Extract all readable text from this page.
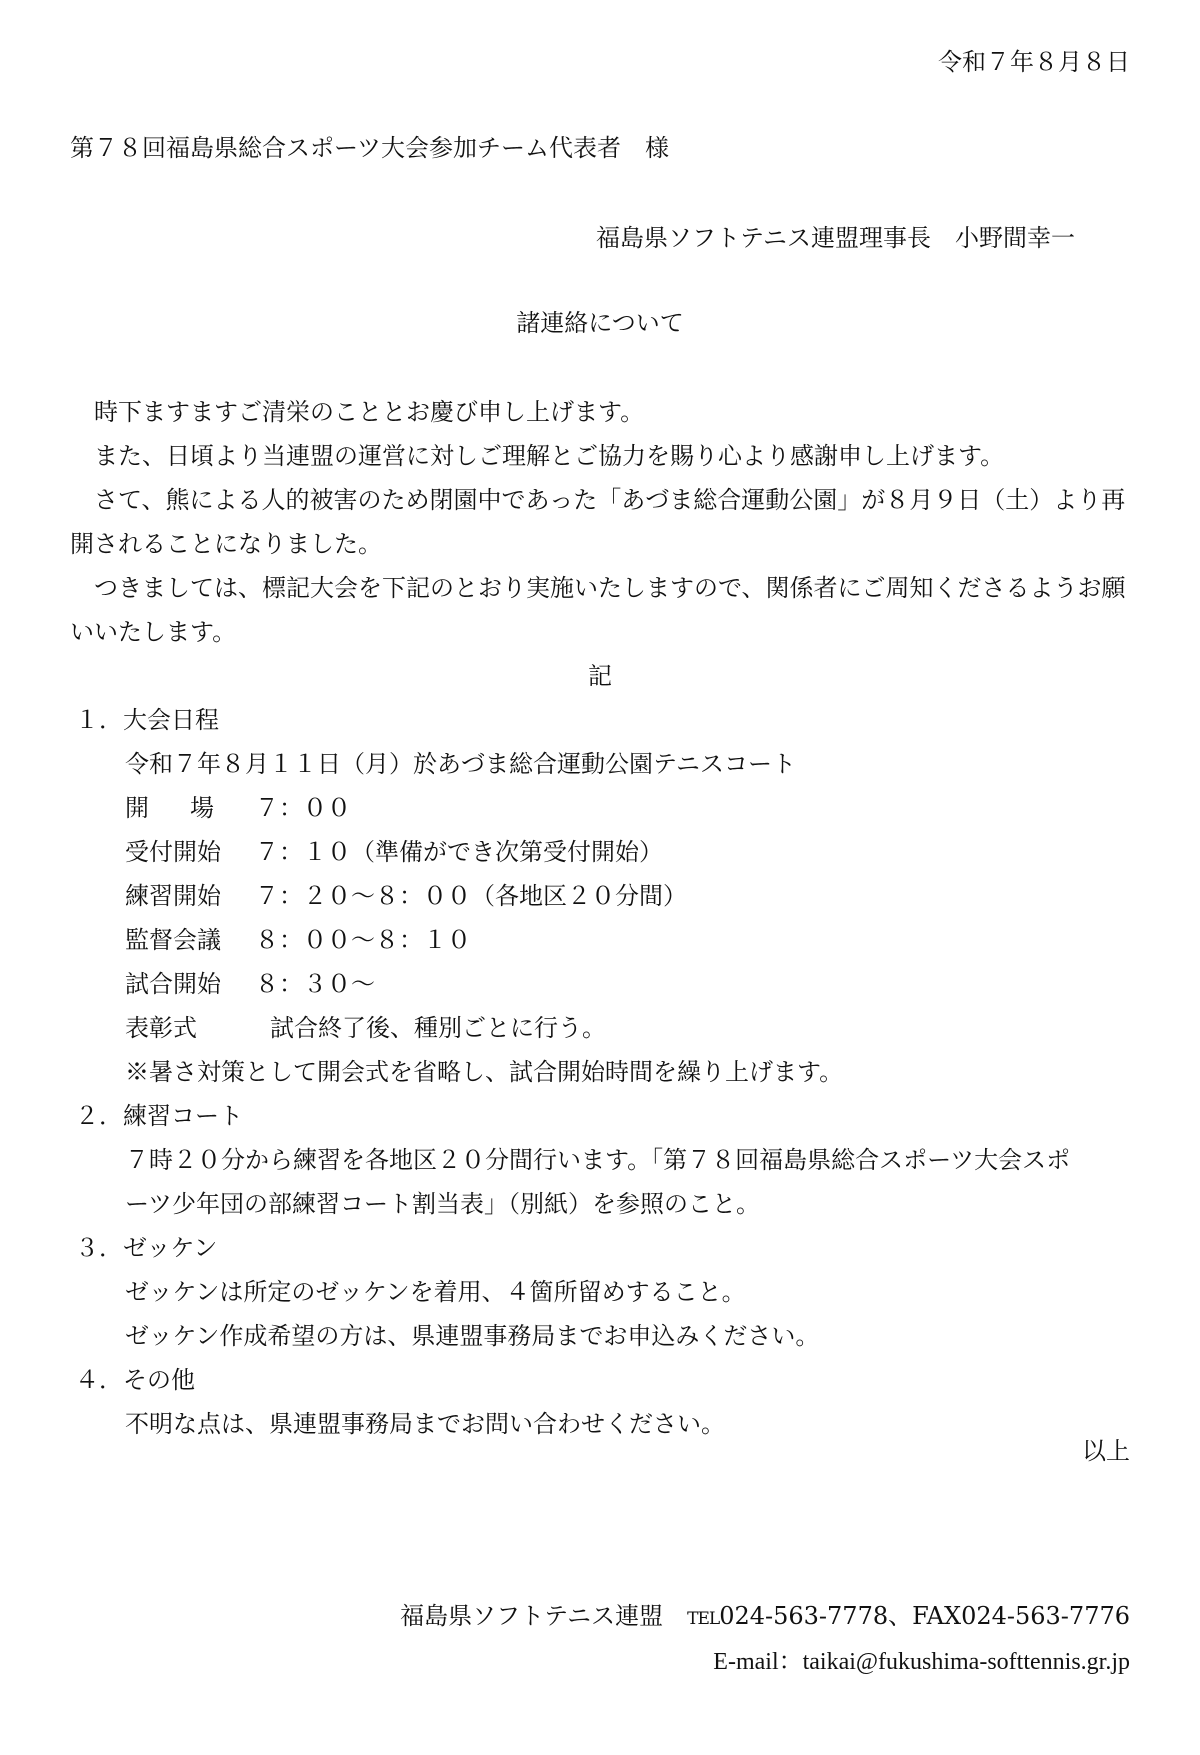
令和７年８月８日
第７８回福島県総合スポーツ大会参加チーム代表者　様
福島県ソフトテニス連盟理事長　小野間幸一
諸連絡について
時下ますますご清栄のこととお慶び申し上げます。
また、日頃より当連盟の運営に対しご理解とご協力を賜り心より感謝申し上げます。
さて、熊による人的被害のため閉園中であった「あづま総合運動公園」が８月９日（土）より再開されることになりました。
つきましては、標記大会を下記のとおり実施いたしますので、関係者にご周知くださるようお願いいたします。
記
１．大会日程
令和７年８月１１日（月）於あづま総合運動公園テニスコート
開 場 ７：００
受付開始 ７：１０（準備ができ次第受付開始）
練習開始 ７：２０～８：００（各地区２０分間）
監督会議 ８：００～８：１０
試合開始 ８：３０～
表彰式	試合終了後、種別ごとに行う。
※暑さ対策として開会式を省略し、試合開始時間を繰り上げます。
２．練習コート
７時２０分から練習を各地区２０分間行います。「第７８回福島県総合スポーツ大会スポ
ーツ少年団の部練習コート割当表」（別紙）を参照のこと。
３．ゼッケン
ゼッケンは所定のゼッケンを着用、４箇所留めすること。
ゼッケン作成希望の方は、県連盟事務局までお申込みください。
４．その他
不明な点は、県連盟事務局までお問い合わせください。
以上
福島県ソフトテニス連盟　 TEL024-563-7778、FAX024-563-7776
E-mail：taikai@fukushima-softtennis.gr.jp
